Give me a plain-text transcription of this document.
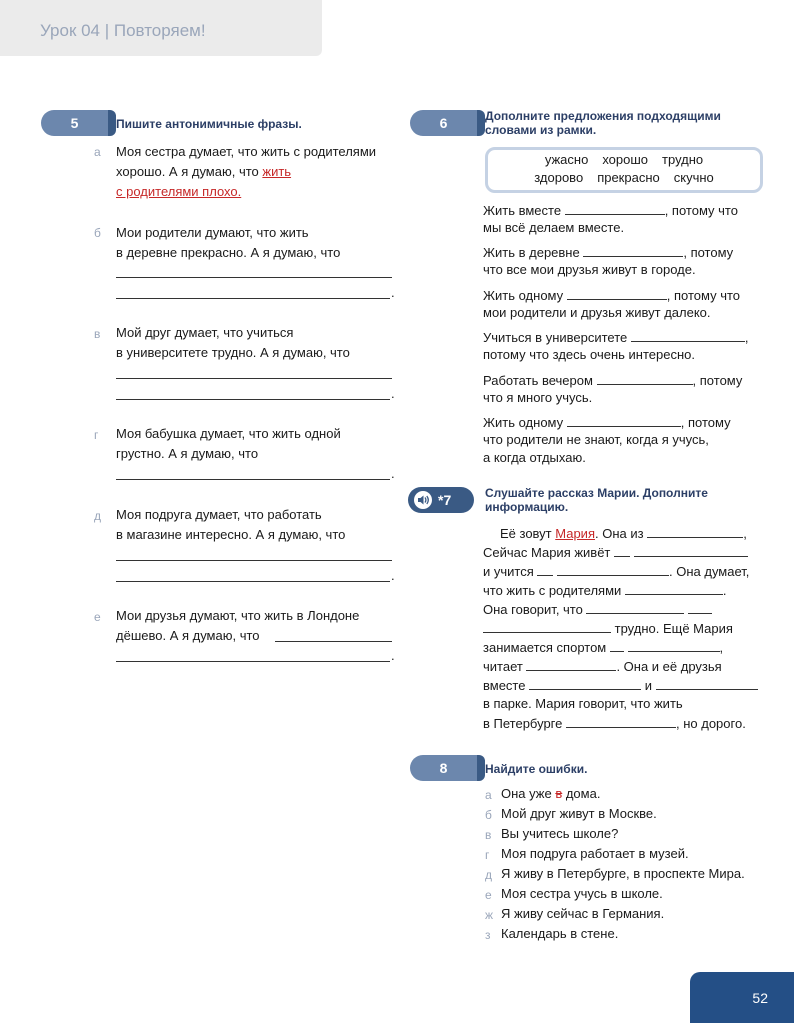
Урок 04 | Повторяем!
5	Пишите антонимичные фразы.
а Моя сестра думает, что жить с родителями
хорошо. А я думаю, что жить
с родителями плохо.
б Мои родители думают, что жить
в деревне прекрасно. А я думаю, что
.
в Мой друг думает, что учиться
в университете трудно. А я думаю, что
.
г Моя бабушка думает, что жить одной
грустно. А я думаю, что
.
д Моя подруга думает, что работать
в магазине интересно. А я думаю, что
.
е Мои друзья думают, что жить в Лондоне
дёшево. А я думаю, что
.
6	Дополните предложения подходящими
словами из рамки.
ужасно хорошо трудно
здорово прекрасно скучно
Жить вместе	, потому что
мы всё делаем вместе.
Жить в деревне	, потому
что все мои друзья живут в городе.
Жить одному	, потому что
мои родители и друзья живут далеко.
Учиться в университете	,
потому что здесь очень интересно.
Работать вечером	, потому
что я много учусь.
Жить одному	, потому
что родители не знают, когда я учусь,
а когда отдыхаю.
*7	Слушайте рассказ Марии. Дополните
информацию.
Её зовут Мария. Она из	,
Сейчас Мария живёт
и учится	. Она думает,
что жить с родителями	.
Она говорит, что
трудно. Ещё Мария
занимается спортом	,
читает	. Она и её друзья
вместе	и
в парке. Мария говорит, что жить
в Петербурге	, но дорого.
8	Найдите ошибки.
а Она уже в дома.
б Мой друг живут в Москве.
в Вы учитесь школе?
г Моя подруга работает в музей.
д Я живу в Петербурге, в проспекте Мира.
е Моя сестра учусь в школе.
ж Я живу сейчас в Германия.
з Календарь в стене.
52
